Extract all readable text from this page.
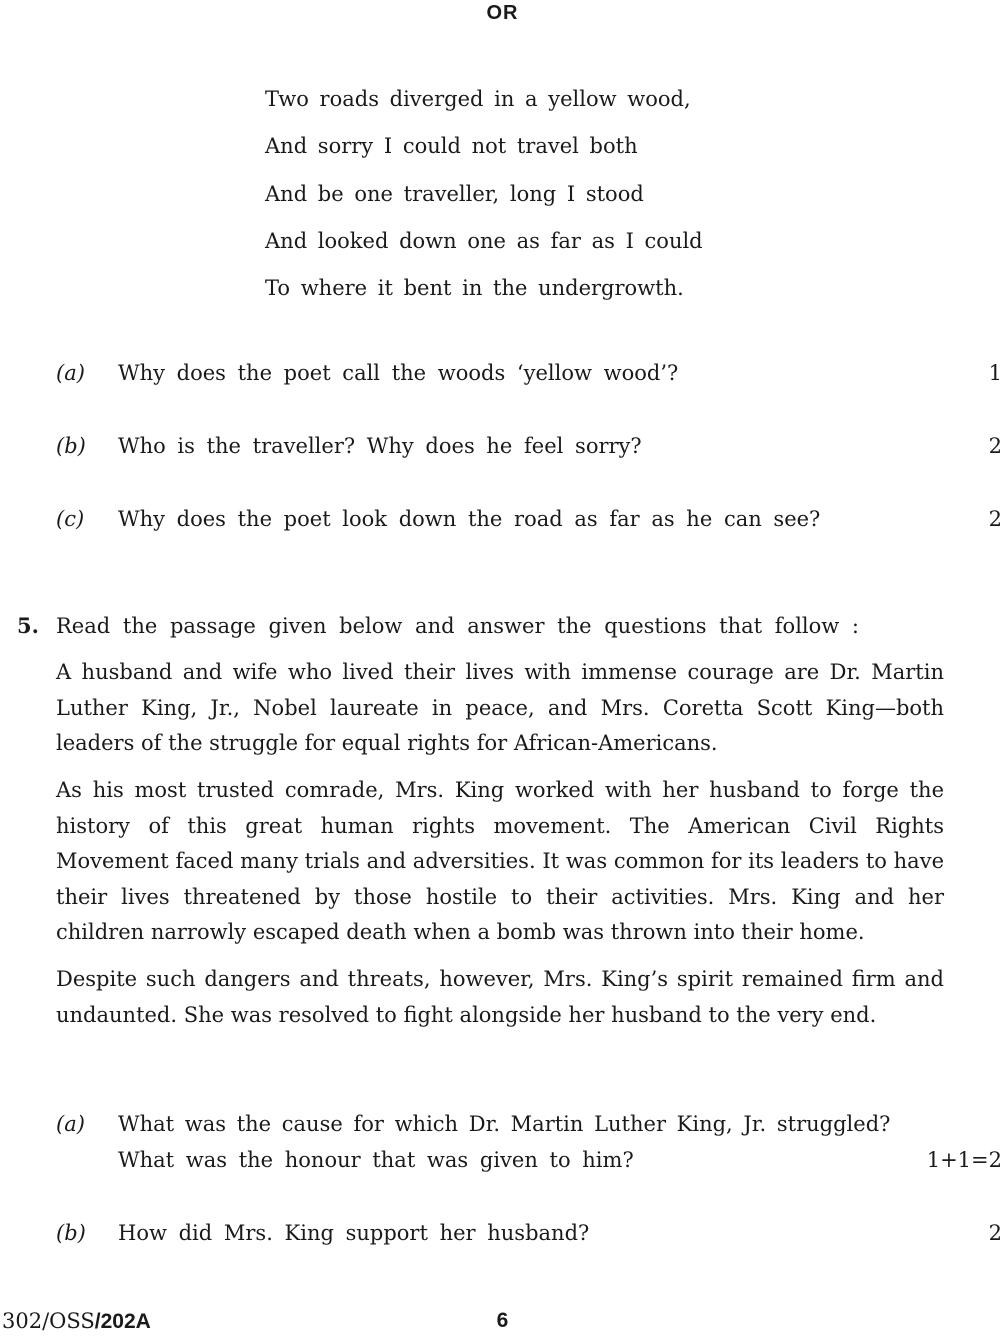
OR
Two roads diverged in a yellow wood,
And sorry I could not travel both
And be one traveller, long I stood
And looked down one as far as I could
To where it bent in the undergrowth.
(a) Why does the poet call the woods ‘yellow wood’?	1
(b) Who is the traveller? Why does he feel sorry?	2
(c) Why does the poet look down the road as far as he can see?	2
5. Read the passage given below and answer the questions that follow :
A husband and wife who lived their lives with immense courage are Dr. Martin Luther King, Jr., Nobel laureate in peace, and Mrs. Coretta Scott King—both leaders of the struggle for equal rights for African-Americans.
As his most trusted comrade, Mrs. King worked with her husband to forge the history of this great human rights movement. The American Civil Rights Movement faced many trials and adversities. It was common for its leaders to have their lives threatened by those hostile to their activities. Mrs. King and her children narrowly escaped death when a bomb was thrown into their home.
Despite such dangers and threats, however, Mrs. King’s spirit remained firm and undaunted. She was resolved to fight alongside her husband to the very end.
(a) What was the cause for which Dr. Martin Luther King, Jr. struggled?
What was the honour that was given to him?	1+1=2
(b) How did Mrs. King support her husband?	2
302/OSS/202A	6
